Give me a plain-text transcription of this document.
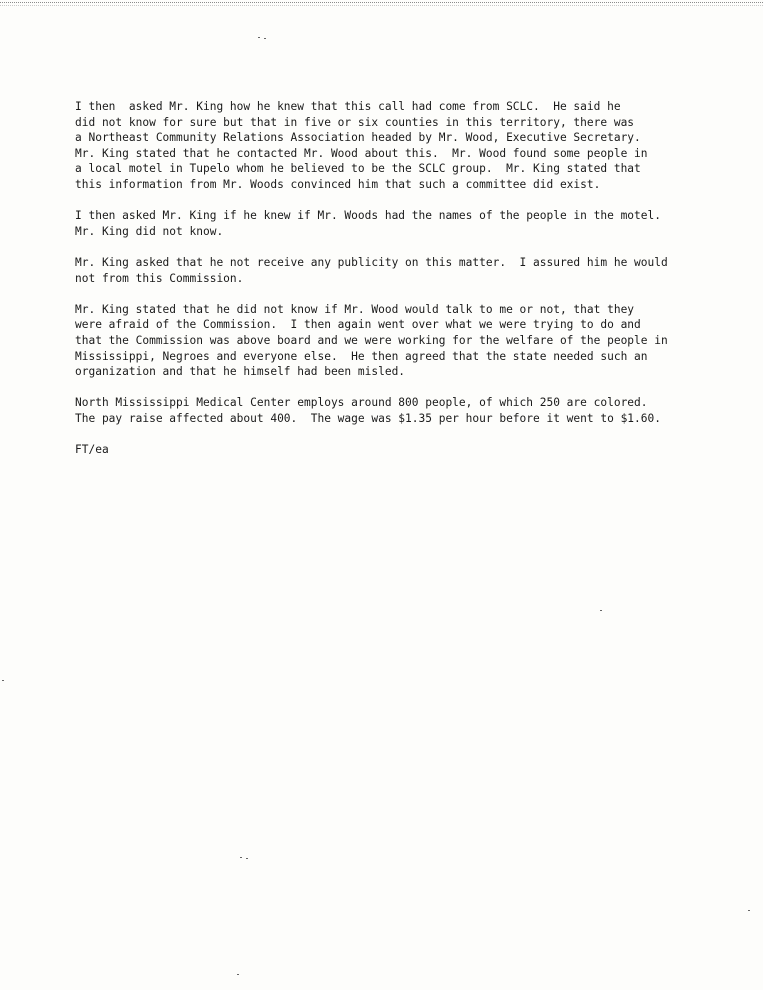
I then  asked Mr. King how he knew that this call had come from SCLC.  He said he
did not know for sure but that in five or six counties in this territory, there was
a Northeast Community Relations Association headed by Mr. Wood, Executive Secretary.
Mr. King stated that he contacted Mr. Wood about this.  Mr. Wood found some people in
a local motel in Tupelo whom he believed to be the SCLC group.  Mr. King stated that
this information from Mr. Woods convinced him that such a committee did exist.

I then asked Mr. King if he knew if Mr. Woods had the names of the people in the motel.
Mr. King did not know.

Mr. King asked that he not receive any publicity on this matter.  I assured him he would
not from this Commission.

Mr. King stated that he did not know if Mr. Wood would talk to me or not, that they
were afraid of the Commission.  I then again went over what we were trying to do and
that the Commission was above board and we were working for the welfare of the people in
Mississippi, Negroes and everyone else.  He then agreed that the state needed such an
organization and that he himself had been misled.

North Mississippi Medical Center employs around 800 people, of which 250 are colored.
The pay raise affected about 400.  The wage was $1.35 per hour before it went to $1.60.

FT/ea
